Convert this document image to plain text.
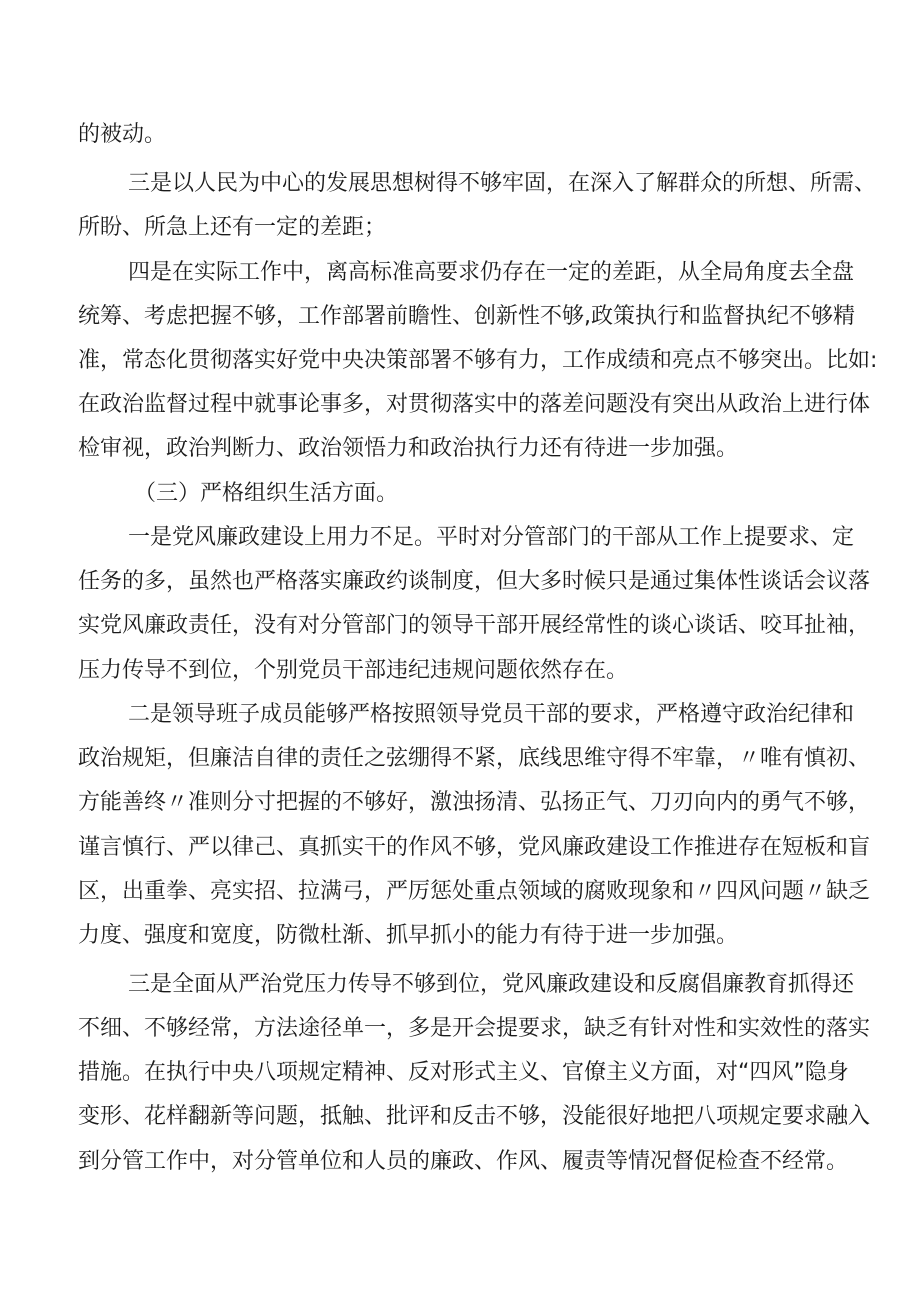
的被动。
三是以人民为中心的发展思想树得不够牢固，在深入了解群众的所想、所需、
所盼、所急上还有一定的差距；
四是在实际工作中，离高标准高要求仍存在一定的差距，从全局角度去全盘
统筹、考虑把握不够，工作部署前瞻性、创新性不够,政策执行和监督执纪不够精
准，常态化贯彻落实好党中央决策部署不够有力，工作成绩和亮点不够突出。比如:
在政治监督过程中就事论事多，对贯彻落实中的落差问题没有突出从政治上进行体
检审视，政治判断力、政治领悟力和政治执行力还有待进一步加强。
（三）严格组织生活方面。
一是党风廉政建设上用力不足。平时对分管部门的干部从工作上提要求、定
任务的多，虽然也严格落实廉政约谈制度，但大多时候只是通过集体性谈话会议落
实党风廉政责任，没有对分管部门的领导干部开展经常性的谈心谈话、咬耳扯袖，
压力传导不到位，个别党员干部违纪违规问题依然存在。
二是领导班子成员能够严格按照领导党员干部的要求，严格遵守政治纪律和
政治规矩，但廉洁自律的责任之弦绷得不紧，底线思维守得不牢靠，〃唯有慎初、
方能善终〃准则分寸把握的不够好，激浊扬清、弘扬正气、刀刃向内的勇气不够，
谨言慎行、严以律己、真抓实干的作风不够，党风廉政建设工作推进存在短板和盲
区，出重拳、亮实招、拉满弓，严厉惩处重点领域的腐败现象和〃四风问题〃缺乏
力度、强度和宽度，防微杜渐、抓早抓小的能力有待于进一步加强。
三是全面从严治党压力传导不够到位，党风廉政建设和反腐倡廉教育抓得还
不细、不够经常，方法途径单一，多是开会提要求，缺乏有针对性和实效性的落实
措施。在执行中央八项规定精神、反对形式主义、官僚主义方面，对“四风”隐身
变形、花样翻新等问题，抵触、批评和反击不够，没能很好地把八项规定要求融入
到分管工作中，对分管单位和人员的廉政、作风、履责等情况督促检查不经常。
